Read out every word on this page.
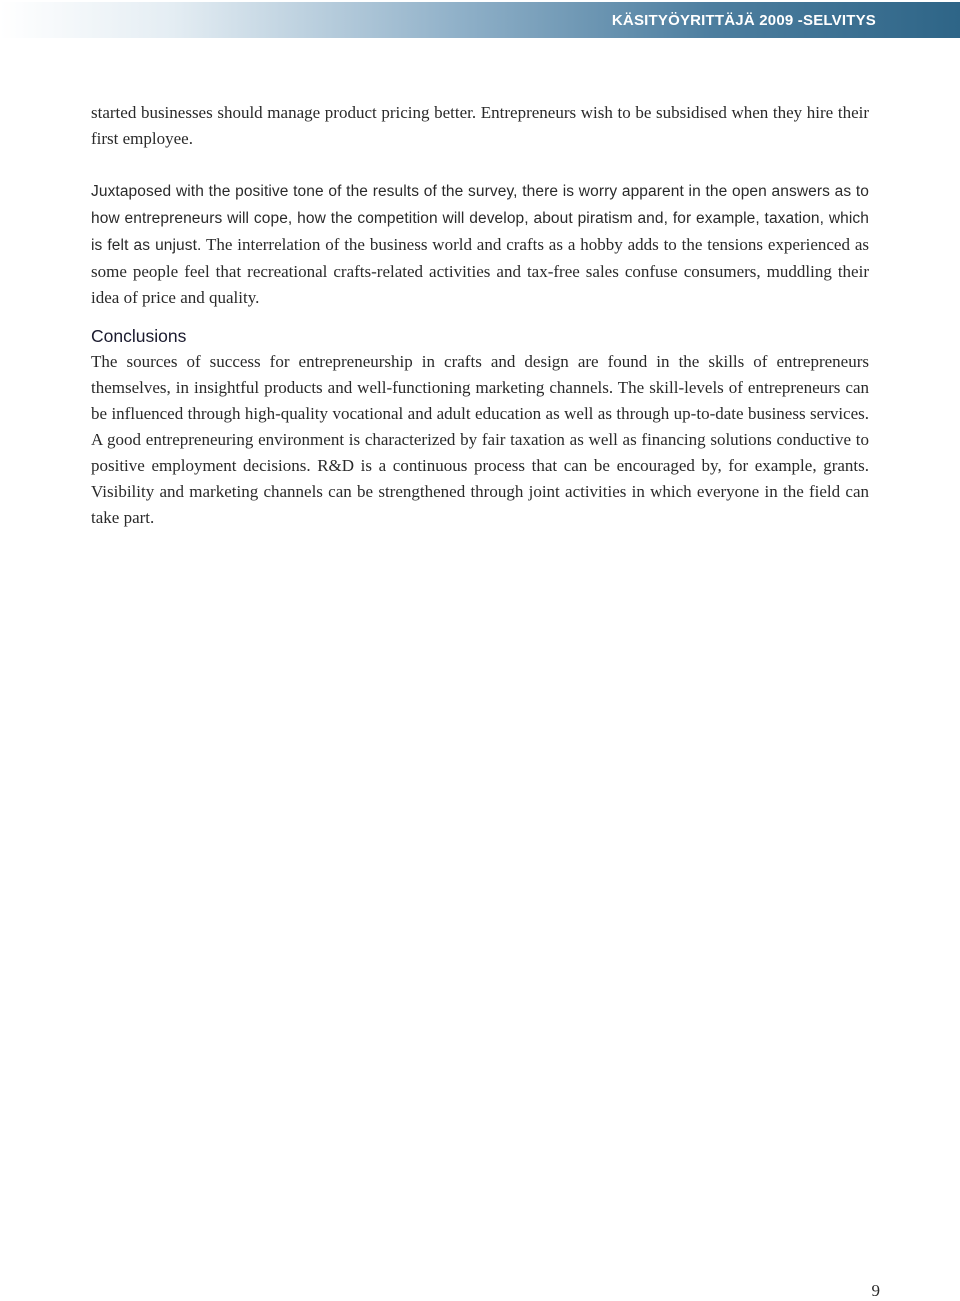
KÄSITYÖYRITTÄJÄ 2009 -SELVITYS

started businesses should manage product pricing better. Entrepreneurs wish to be subsidised when they hire their first employee.

Juxtaposed with the positive tone of the results of the survey, there is worry apparent in the open answers as to how entrepreneurs will cope, how the competition will develop, about piratism and, for example, taxation, which is felt as unjust. The interrelation of the business world and crafts as a hobby adds to the tensions experienced as some people feel that recreational crafts-related activities and tax-free sales confuse consumers, muddling their idea of price and quality.

Conclusions

The sources of success for entrepreneurship in crafts and design are found in the skills of entrepreneurs themselves, in insightful products and well-functioning marketing channels. The skill-levels of entrepreneurs can be influenced through high-quality vocational and adult education as well as through up-to-date business services. A good entrepreneuring environment is characterized by fair taxation as well as financing solutions conductive to positive employment decisions. R&D is a continuous process that can be encouraged by, for example, grants. Visibility and marketing channels can be strengthened through joint activities in which everyone in the field can take part.

9
